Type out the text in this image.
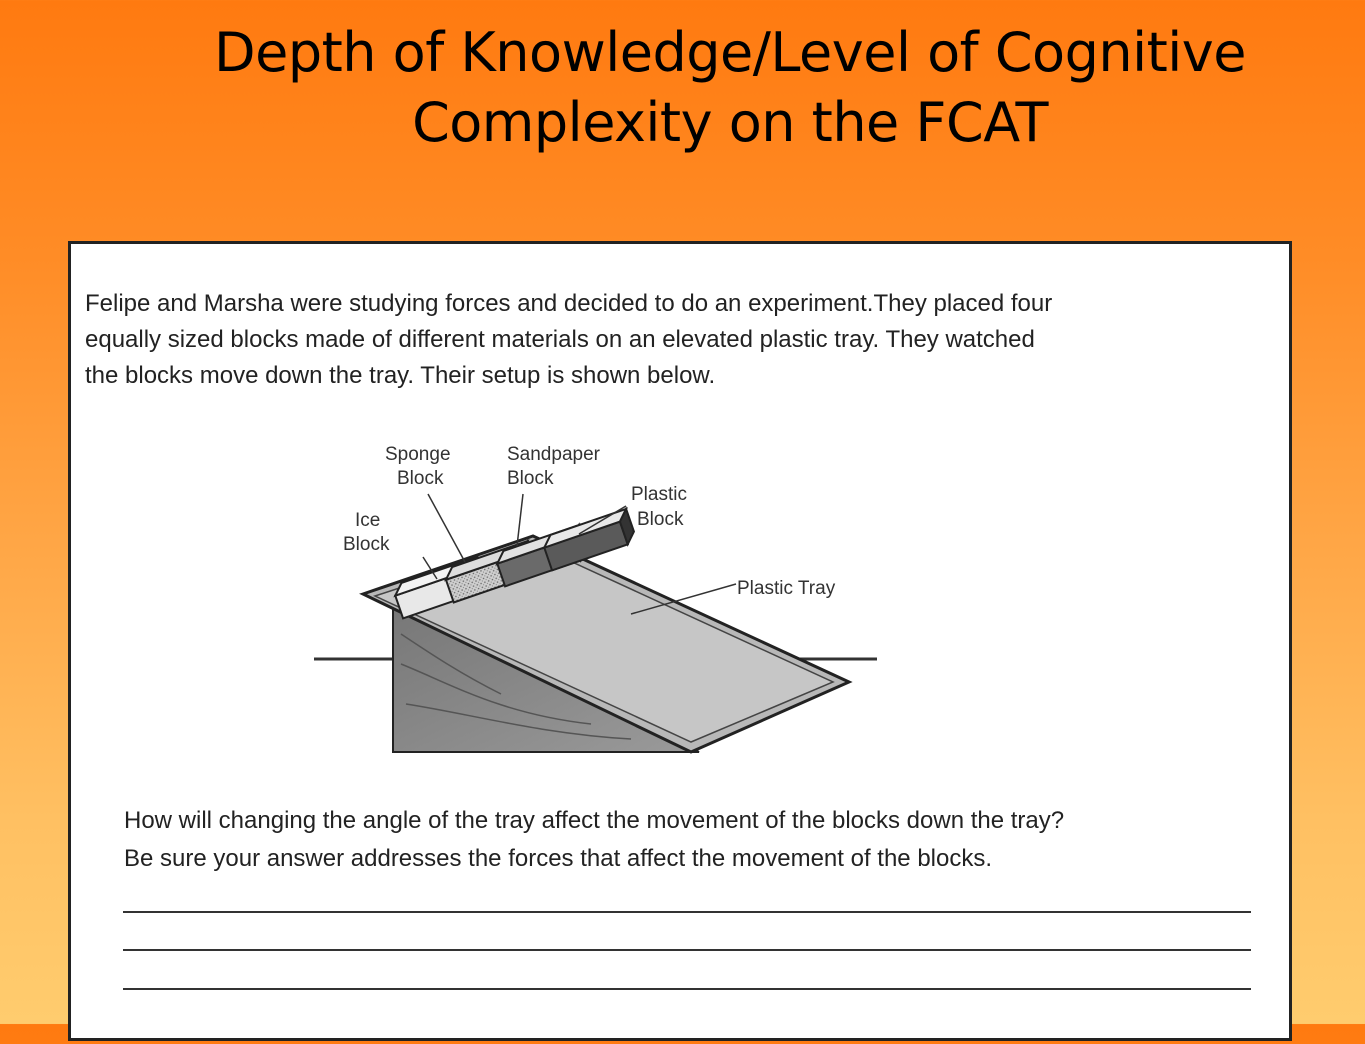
Depth of Knowledge/Level of Cognitive
Complexity on the FCAT
Felipe and Marsha were studying forces and decided to do an experiment.They placed four
equally sized blocks made of different materials on an elevated plastic tray. They watched
the blocks move down the tray. Their setup is shown below.
Sponge
Block
Sandpaper
Block
Plastic
Block
Ice
Block
Plastic Tray
How will changing the angle of the tray affect the movement of the blocks down the tray?
Be sure your answer addresses the forces that affect the movement of the blocks.
